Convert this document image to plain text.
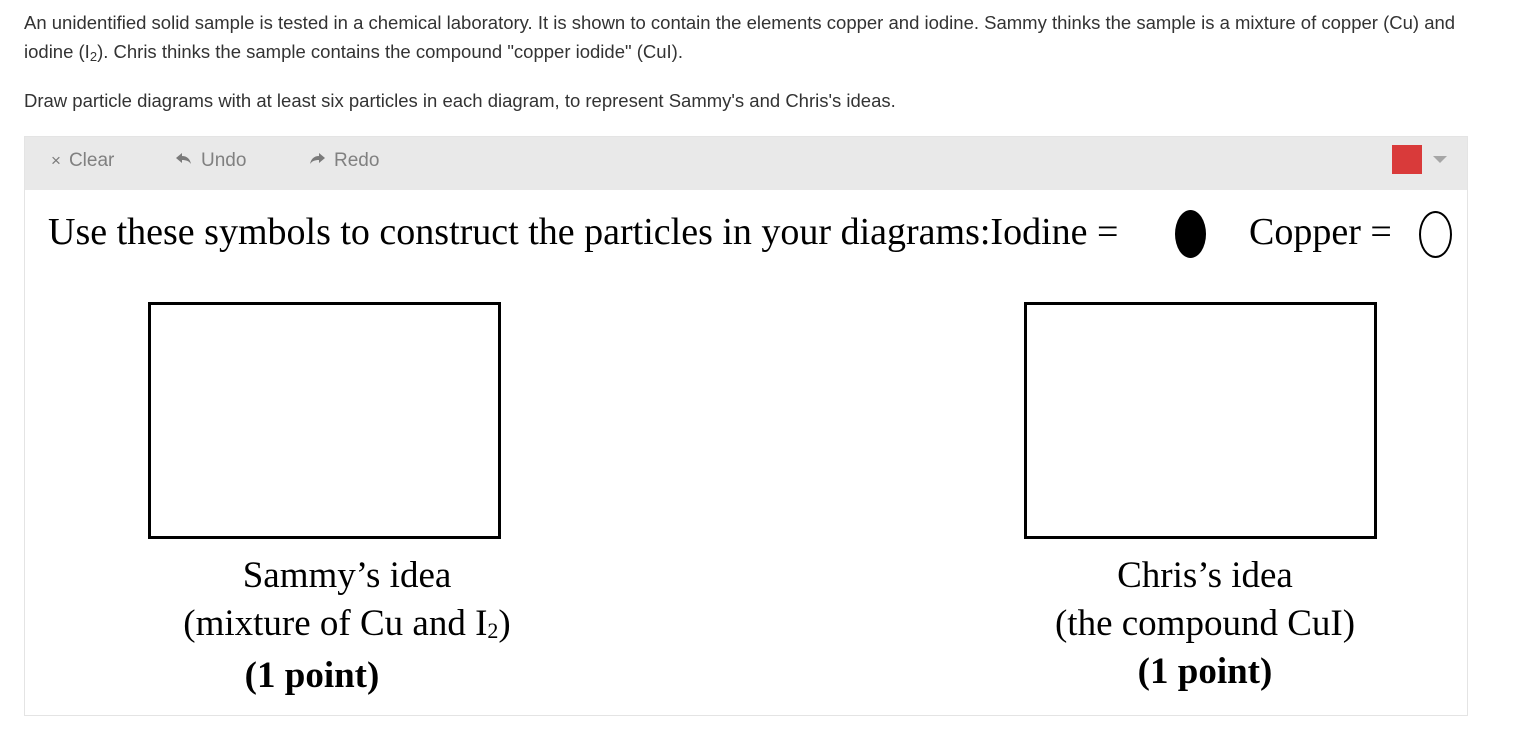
An unidentified solid sample is tested in a chemical laboratory. It is shown to contain the elements copper and iodine. Sammy thinks the sample is a mixture of copper (Cu) and iodine $(I_2)$. Chris thinks the sample contains the compound "copper iodide" (CuI).

Draw particle diagrams with at least six particles in each diagram, to represent Sammy's and Chris's ideas.

× Clear	Undo	Redo
Use these symbols to construct the particles in your diagrams:Iodine =	Copper =
Sammy’s idea
(mixture of Cu and $I_2$)
(1 point)
Chris’s idea
(the compound CuI)
(1 point)
